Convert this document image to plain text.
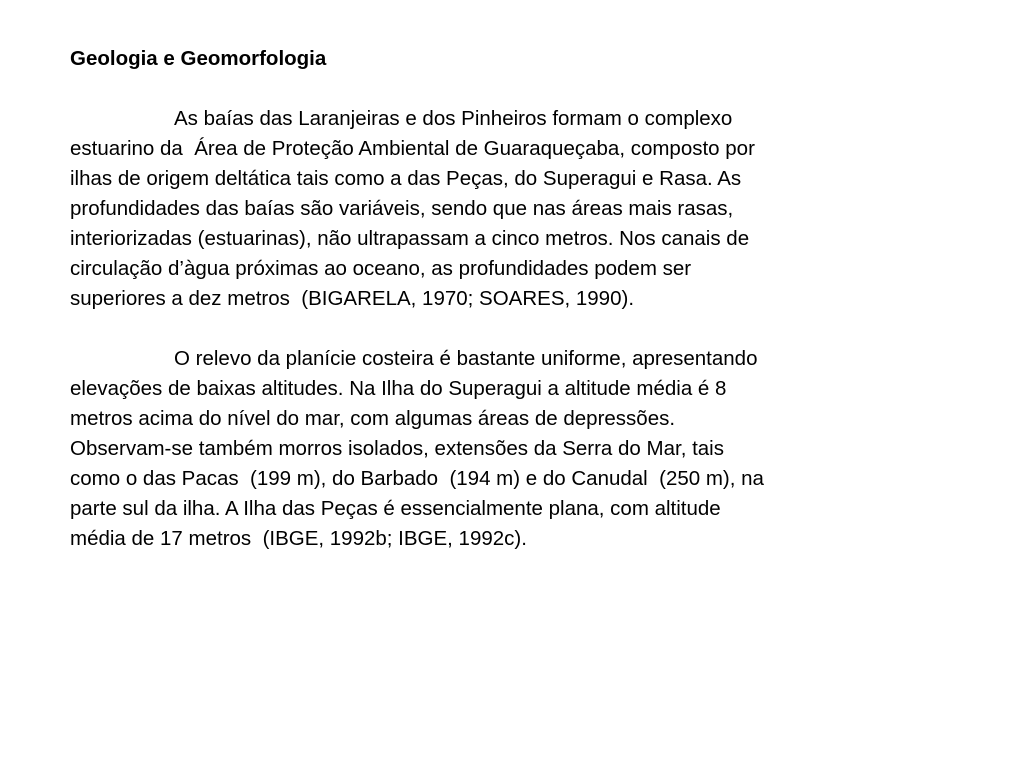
Geologia e Geomorfologia
As baías das Laranjeiras e dos Pinheiros formam o complexo
estuarino da  Área de Proteção Ambiental de Guaraqueçaba, composto por
ilhas de origem deltática tais como a das Peças, do Superagui e Rasa. As
profundidades das baías são variáveis, sendo que nas áreas mais rasas,
interiorizadas (estuarinas), não ultrapassam a cinco metros. Nos canais de
circulação d’àgua próximas ao oceano, as profundidades podem ser
superiores a dez metros  (BIGARELA, 1970; SOARES, 1990).
O relevo da planície costeira é bastante uniforme, apresentando
elevações de baixas altitudes. Na Ilha do Superagui a altitude média é 8
metros acima do nível do mar, com algumas áreas de depressões.
Observam-se também morros isolados, extensões da Serra do Mar, tais
como o das Pacas  (199 m), do Barbado  (194 m) e do Canudal  (250 m), na
parte sul da ilha. A Ilha das Peças é essencialmente plana, com altitude
média de 17 metros  (IBGE, 1992b; IBGE, 1992c).
